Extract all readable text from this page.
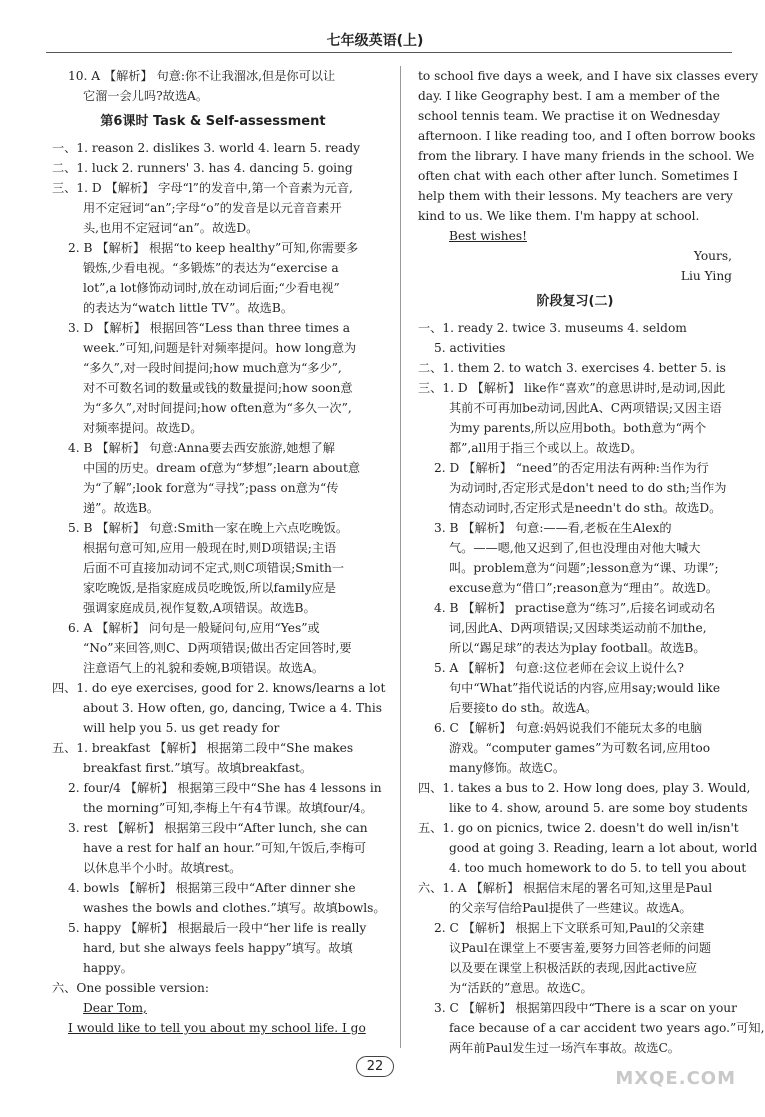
七年级英语(上)
10. A 【解析】 句意:你不让我溜冰,但是你可以让
它溜一会儿吗?故选A。
第6课时 Task & Self-assessment
一、1. reason 2. dislikes 3. world 4. learn 5. ready
二、1. luck 2. runners' 3. has 4. dancing 5. going
三、1. D 【解析】 字母“l”的发音中,第一个音素为元音,
用不定冠词“an”;字母“o”的发音是以元音音素开
头,也用不定冠词“an”。故选D。
2. B 【解析】 根据“to keep healthy”可知,你需要多
锻炼,少看电视。“多锻炼”的表达为“exercise a
lot”,a lot修饰动词时,放在动词后面;“少看电视”
的表达为“watch little TV”。故选B。
3. D 【解析】 根据回答“Less than three times a
week.”可知,问题是针对频率提问。how long意为
“多久”,对一段时间提问;how much意为“多少”,
对不可数名词的数量或钱的数量提问;how soon意
为“多久”,对时间提问;how often意为“多久一次”,
对频率提问。故选D。
4. B 【解析】 句意:Anna要去西安旅游,她想了解
中国的历史。dream of意为“梦想”;learn about意
为“了解”;look for意为“寻找”;pass on意为“传
递”。故选B。
5. B 【解析】 句意:Smith一家在晚上六点吃晚饭。
根据句意可知,应用一般现在时,则D项错误;主语
后面不可直接加动词不定式,则C项错误;Smith一
家吃晚饭,是指家庭成员吃晚饭,所以family应是
强调家庭成员,视作复数,A项错误。故选B。
6. A 【解析】 问句是一般疑问句,应用“Yes”或
“No”来回答,则C、D两项错误;做出否定回答时,要
注意语气上的礼貌和委婉,B项错误。故选A。
四、1. do eye exercises, good for 2. knows/learns a lot
about 3. How often, go, dancing, Twice a 4. This
will help you 5. us get ready for
五、1. breakfast 【解析】 根据第二段中“She makes
breakfast first.”填写。故填breakfast。
2. four/4 【解析】 根据第三段中“She has 4 lessons in
the morning”可知,李梅上午有4节课。故填four/4。
3. rest 【解析】 根据第三段中“After lunch, she can
have a rest for half an hour.”可知,午饭后,李梅可
以休息半个小时。故填rest。
4. bowls 【解析】 根据第三段中“After dinner she
washes the bowls and clothes.”填写。故填bowls。
5. happy 【解析】 根据最后一段中“her life is really
hard, but she always feels happy”填写。故填
happy。
六、One possible version:
Dear Tom,
I would like to tell you about my school life. I go
to school five days a week, and I have six classes every
day. I like Geography best. I am a member of the
school tennis team. We practise it on Wednesday
afternoon. I like reading too, and I often borrow books
from the library. I have many friends in the school. We
often chat with each other after lunch. Sometimes I
help them with their lessons. My teachers are very
kind to us. We like them. I'm happy at school.
Best wishes!
Yours,
Liu Ying
阶段复习(二)
一、1. ready 2. twice 3. museums 4. seldom
5. activities
二、1. them 2. to watch 3. exercises 4. better 5. is
三、1. D 【解析】 like作“喜欢”的意思讲时,是动词,因此
其前不可再加be动词,因此A、C两项错误;又因主语
为my parents,所以应用both。both意为“两个
都”,all用于指三个或以上。故选D。
2. D 【解析】 “need”的否定用法有两种:当作为行
为动词时,否定形式是don't need to do sth;当作为
情态动词时,否定形式是needn't do sth。故选D。
3. B 【解析】 句意:——看,老板在生Alex的
气。——嗯,他又迟到了,但也没理由对他大喊大
叫。problem意为“问题”;lesson意为“课、功课”;
excuse意为“借口”;reason意为“理由”。故选D。
4. B 【解析】 practise意为“练习”,后接名词或动名
词,因此A、D两项错误;又因球类运动前不加the,
所以“踢足球”的表达为play football。故选B。
5. A 【解析】 句意:这位老师在会议上说什么?
句中“What”指代说话的内容,应用say;would like
后要接to do sth。故选A。
6. C 【解析】 句意:妈妈说我们不能玩太多的电脑
游戏。“computer games”为可数名词,应用too
many修饰。故选C。
四、1. takes a bus to 2. How long does, play 3. Would,
like to 4. show, around 5. are some boy students
五、1. go on picnics, twice 2. doesn't do well in/isn't
good at going 3. Reading, learn a lot about, world
4. too much homework to do 5. to tell you about
六、1. A 【解析】 根据信末尾的署名可知,这里是Paul
的父亲写信给Paul提供了一些建议。故选A。
2. C 【解析】 根据上下文联系可知,Paul的父亲建
议Paul在课堂上不要害羞,要努力回答老师的问题
以及要在课堂上积极活跃的表现,因此active应
为“活跃的”意思。故选C。
3. C 【解析】 根据第四段中“There is a scar on your
face because of a car accident two years ago.”可知,
两年前Paul发生过一场汽车事故。故选C。
22
MXQE.COM
